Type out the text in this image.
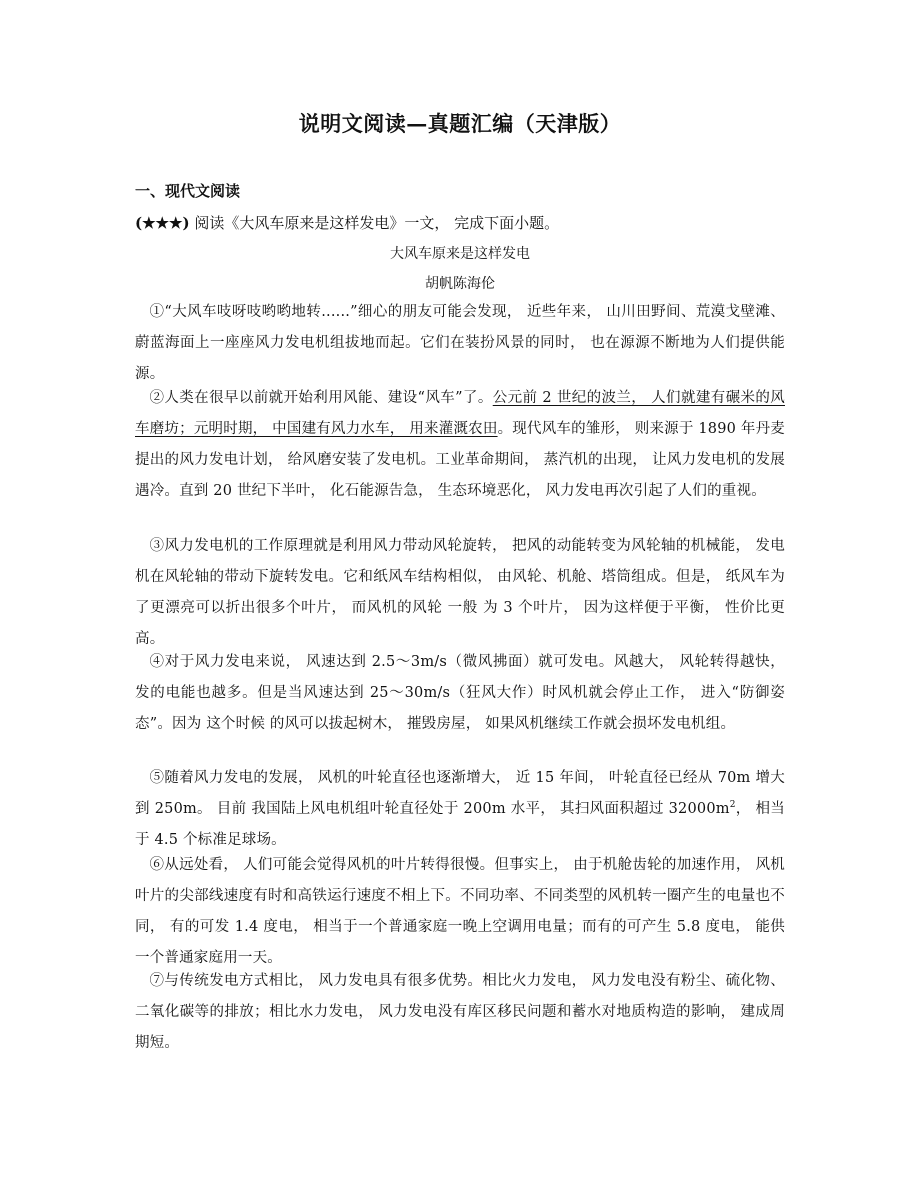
说明文阅读—真题汇编（天津版）
一、现代文阅读
(★★★) 阅读《大风车原来是这样发电》一文， 完成下面小题。
大风车原来是这样发电
胡帆陈海伦
①“大风车吱呀吱哟哟地转......”细心的朋友可能会发现， 近些年来， 山川田野间、荒漠戈壁滩、蔚蓝海面上一座座风力发电机组拔地而起。它们在装扮风景的同时， 也在源源不断地为人们提供能源。
②人类在很早以前就开始利用风能、建设“风车”了。公元前 2 世纪的波兰， 人们就建有碾米的风车磨坊；元明时期， 中国建有风力水车， 用来灌溉农田。现代风车的雏形， 则来源于 1890 年丹麦提出的风力发电计划， 给风磨安装了发电机。工业革命期间， 蒸汽机的出现， 让风力发电机的发展遇冷。直到 20 世纪下半叶， 化石能源告急， 生态环境恶化， 风力发电再次引起了人们的重视。
③风力发电机的工作原理就是利用风力带动风轮旋转， 把风的动能转变为风轮轴的机械能， 发电机在风轮轴的带动下旋转发电。它和纸风车结构相似， 由风轮、机舱、塔筒组成。但是， 纸风车为了更漂亮可以折出很多个叶片， 而风机的风轮 一般 为 3 个叶片， 因为这样便于平衡， 性价比更高。
④对于风力发电来说， 风速达到 2.5～3m/s（微风拂面）就可发电。风越大， 风轮转得越快， 发的电能也越多。但是当风速达到 25～30m/s（狂风大作）时风机就会停止工作， 进入“防御姿态”。因为 这个时候 的风可以拔起树木， 摧毁房屋， 如果风机继续工作就会损坏发电机组。
⑤随着风力发电的发展， 风机的叶轮直径也逐渐增大， 近 15 年间， 叶轮直径已经从 70m 增大到 250m。 目前 我国陆上风电机组叶轮直径处于 200m 水平， 其扫风面积超过 $32000m^2$， 相当于 4.5 个标准足球场。
⑥从远处看， 人们可能会觉得风机的叶片转得很慢。但事实上， 由于机舱齿轮的加速作用， 风机叶片的尖部线速度有时和高铁运行速度不相上下。不同功率、不同类型的风机转一圈产生的电量也不同， 有的可发 1.4 度电， 相当于一个普通家庭一晚上空调用电量；而有的可产生 5.8 度电， 能供一个普通家庭用一天。
⑦与传统发电方式相比， 风力发电具有很多优势。相比火力发电， 风力发电没有粉尘、硫化物、二氧化碳等的排放；相比水力发电， 风力发电没有库区移民问题和蓄水对地质构造的影响， 建成周期短。
